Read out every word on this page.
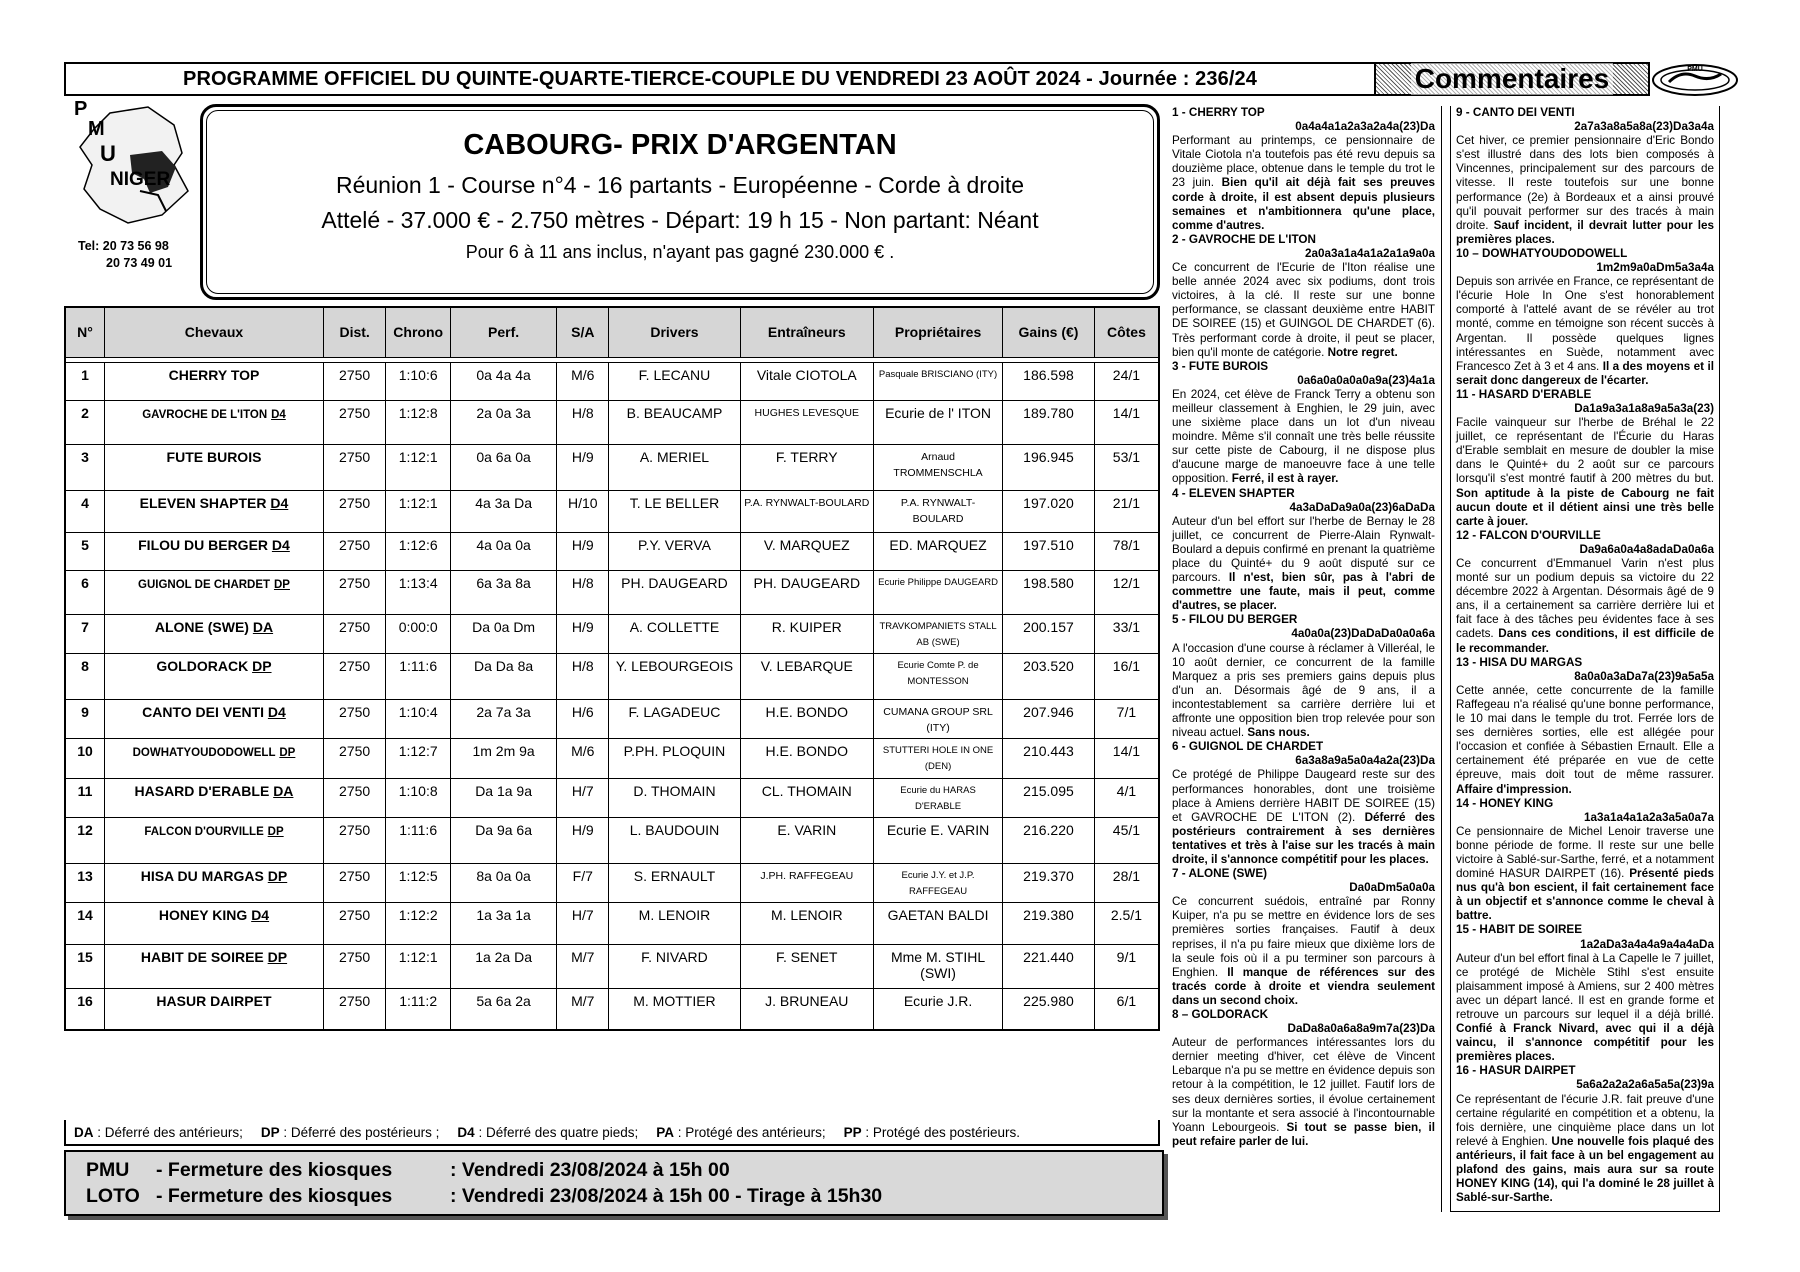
PROGRAMME OFFICIEL DU QUINTE-QUARTE-TIERCE-COUPLE DU VENDREDI 23 AOÛT 2024 - Journée : 236/24	Commentaires	PMU
P
M
U
NIGER
Tel: 20 73 56 98
20 73 49 01
CABOURG- PRIX D'ARGENTAN
Réunion 1 - Course n°4 - 16 partants - Européenne - Corde à droite
Attelé - 37.000 € - 2.750 mètres - Départ: 19 h 15 - Non partant: Néant
Pour 6 à 11 ans inclus, n'ayant pas gagné 230.000 € .
N°	Chevaux	Dist.	Chrono	Perf.	S/A	Drivers	Entraîneurs	Propriétaires	Gains (€)	Côtes

1	CHERRY TOP	2750	1:10:6	0a 4a 4a	M/6	F. LECANU	Vitale CIOTOLA	Pasquale BRISCIANO (ITY)	186.598	24/1
2	GAVROCHE DE L'ITON D4	2750	1:12:8	2a 0a 3a	H/8	B. BEAUCAMP	HUGHES LEVESQUE	Ecurie de l' ITON	189.780	14/1
3	FUTE BUROIS	2750	1:12:1	0a 6a 0a	H/9	A. MERIEL	F. TERRY	Arnaud TROMMENSCHLA	196.945	53/1
4	ELEVEN SHAPTER D4	2750	1:12:1	4a 3a Da	H/10	T. LE BELLER	P.A. RYNWALT-BOULARD	P.A. RYNWALT-BOULARD	197.020	21/1
5	FILOU DU BERGER D4	2750	1:12:6	4a 0a 0a	H/9	P.Y. VERVA	V. MARQUEZ	ED. MARQUEZ	197.510	78/1
6	GUIGNOL DE CHARDET DP	2750	1:13:4	6a 3a 8a	H/8	PH. DAUGEARD	PH. DAUGEARD	Ecurie Philippe DAUGEARD	198.580	12/1
7	ALONE (SWE) DA	2750	0:00:0	Da 0a Dm	H/9	A. COLLETTE	R. KUIPER	TRAVKOMPANIETS STALL AB (SWE)	200.157	33/1
8	GOLDORACK DP	2750	1:11:6	Da Da 8a	H/8	Y. LEBOURGEOIS	V. LEBARQUE	Ecurie Comte P. de MONTESSON	203.520	16/1
9	CANTO DEI VENTI D4	2750	1:10:4	2a 7a 3a	H/6	F. LAGADEUC	H.E. BONDO	CUMANA GROUP SRL (ITY)	207.946	7/1
10	DOWHATYOUDODOWELL DP	2750	1:12:7	1m 2m 9a	M/6	P.PH. PLOQUIN	H.E. BONDO	STUTTERI HOLE IN ONE (DEN)	210.443	14/1
11	HASARD D'ERABLE DA	2750	1:10:8	Da 1a 9a	H/7	D. THOMAIN	CL. THOMAIN	Ecurie du HARAS D'ERABLE	215.095	4/1
12	FALCON D'OURVILLE DP	2750	1:11:6	Da 9a 6a	H/9	L. BAUDOUIN	E. VARIN	Ecurie E. VARIN	216.220	45/1
13	HISA DU MARGAS DP	2750	1:12:5	8a 0a 0a	F/7	S. ERNAULT	J.PH. RAFFEGEAU	Ecurie J.Y. et J.P. RAFFEGEAU	219.370	28/1
14	HONEY KING D4	2750	1:12:2	1a 3a 1a	H/7	M. LENOIR	M. LENOIR	GAETAN BALDI	219.380	2.5/1
15	HABIT DE SOIREE DP	2750	1:12:1	1a 2a Da	M/7	F. NIVARD	F. SENET	Mme M. STIHL (SWI)	221.440	9/1
16	HASUR DAIRPET	2750	1:11:2	5a 6a 2a	M/7	M. MOTTIER	J. BRUNEAU	Ecurie J.R.	225.980	6/1
DA : Déferré des antérieurs; DP : Déferré des postérieurs ; D4 : Déferré des quatre pieds; PA : Protégé des antérieurs; PP : Protégé des postérieurs.
PMU - Fermeture des kiosques	: Vendredi 23/08/2024 à 15h 00
LOTO - Fermeture des kiosques	: Vendredi 23/08/2024 à 15h 00 - Tirage à 15h30
1 - CHERRY TOP
0a4a4a1a2a3a2a4a(23)Da
Performant au printemps, ce pensionnaire de Vitale Ciotola n'a toutefois pas été revu depuis sa douzième place, obtenue dans le temple du trot le 23 juin. Bien qu'il ait déjà fait ses preuves corde à droite, il est absent depuis plusieurs semaines et n'ambitionnera qu'une place, comme d'autres.
2 - GAVROCHE DE L'ITON
2a0a3a1a4a1a2a1a9a0a
Ce concurrent de l'Ecurie de l'Iton réalise une belle année 2024 avec six podiums, dont trois victoires, à la clé. Il reste sur une bonne performance, se classant deuxième entre HABIT DE SOIREE (15) et GUINGOL DE CHARDET (6). Très performant corde à droite, il peut se placer, bien qu'il monte de catégorie. Notre regret.
3 - FUTE BUROIS
0a6a0a0a0a0a9a(23)4a1a
En 2024, cet élève de Franck Terry a obtenu son meilleur classement à Enghien, le 29 juin, avec une sixième place dans un lot d'un niveau moindre. Même s'il connaît une très belle réussite sur cette piste de Cabourg, il ne dispose plus d'aucune marge de manoeuvre face à une telle opposition. Ferré, il est à rayer.
4 - ELEVEN SHAPTER
4a3aDaDa9a0a(23)6aDaDa
Auteur d'un bel effort sur l'herbe de Bernay le 28 juillet, ce concurrent de Pierre-Alain Rynwalt-Boulard a depuis confirmé en prenant la quatrième place du Quinté+ du 9 août disputé sur ce parcours. Il n'est, bien sûr, pas à l'abri de commettre une faute, mais il peut, comme d'autres, se placer.
5 - FILOU DU BERGER
4a0a0a(23)DaDaDa0a0a6a
A l'occasion d'une course à réclamer à Villeréal, le 10 août dernier, ce concurrent de la famille Marquez a pris ses premiers gains depuis plus d'un an. Désormais âgé de 9 ans, il a incontestablement sa carrière derrière lui et affronte une opposition bien trop relevée pour son niveau actuel. Sans nous.
6 - GUIGNOL DE CHARDET
6a3a8a9a5a0a4a2a(23)Da
Ce protégé de Philippe Daugeard reste sur des performances honorables, dont une troisième place à Amiens derrière HABIT DE SOIREE (15) et GAVROCHE DE L'ITON (2). Déferré des postérieurs contrairement à ses dernières tentatives et très à l'aise sur les tracés à main droite, il s'annonce compétitif pour les places.
7 - ALONE (SWE)
Da0aDm5a0a0a
Ce concurrent suédois, entraîné par Ronny Kuiper, n'a pu se mettre en évidence lors de ses premières sorties françaises. Fautif à deux reprises, il n'a pu faire mieux que dixième lors de la seule fois où il a pu terminer son parcours à Enghien. Il manque de références sur des tracés corde à droite et viendra seulement dans un second choix.
8 – GOLDORACK
DaDa8a0a6a8a9m7a(23)Da
Auteur de performances intéressantes lors du dernier meeting d'hiver, cet élève de Vincent Lebarque n'a pu se mettre en évidence depuis son retour à la compétition, le 12 juillet. Fautif lors de ses deux dernières sorties, il évolue certainement sur la montante et sera associé à l'incontournable Yoann Lebourgeois. Si tout se passe bien, il peut refaire parler de lui.
9 - CANTO DEI VENTI
2a7a3a8a5a8a(23)Da3a4a
Cet hiver, ce premier pensionnaire d'Eric Bondo s'est illustré dans des lots bien composés à Vincennes, principalement sur des parcours de vitesse. Il reste toutefois sur une bonne performance (2e) à Bordeaux et a ainsi prouvé qu'il pouvait performer sur des tracés à main droite. Sauf incident, il devrait lutter pour les premières places.
10 – DOWHATYOUDODOWELL
1m2m9a0aDm5a3a4a
Depuis son arrivée en France, ce représentant de l'écurie Hole In One s'est honorablement comporté à l'attelé avant de se révéler au trot monté, comme en témoigne son récent succès à Argentan. Il possède quelques lignes intéressantes en Suède, notamment avec Francesco Zet à 3 et 4 ans. Il a des moyens et il serait donc dangereux de l'écarter.
11 - HASARD D'ERABLE
Da1a9a3a1a8a9a5a3a(23)
Facile vainqueur sur l'herbe de Bréhal le 22 juillet, ce représentant de l'Écurie du Haras d'Erable semblait en mesure de doubler la mise dans le Quinté+ du 2 août sur ce parcours lorsqu'il s'est montré fautif à 200 mètres du but. Son aptitude à la piste de Cabourg ne fait aucun doute et il détient ainsi une très belle carte à jouer.
12 - FALCON D'OURVILLE
Da9a6a0a4a8adaDa0a6a
Ce concurrent d'Emmanuel Varin n'est plus monté sur un podium depuis sa victoire du 22 décembre 2022 à Argentan. Désormais âgé de 9 ans, il a certainement sa carrière derrière lui et fait face à des tâches peu évidentes face à ses cadets. Dans ces conditions, il est difficile de le recommander.
13 - HISA DU MARGAS
8a0a0a3aDa7a(23)9a5a5a
Cette année, cette concurrente de la famille Raffegeau n'a réalisé qu'une bonne performance, le 10 mai dans le temple du trot. Ferrée lors de ses dernières sorties, elle est allégée pour l'occasion et confiée à Sébastien Ernault. Elle a certainement été préparée en vue de cette épreuve, mais doit tout de même rassurer. Affaire d'impression.
14 - HONEY KING
1a3a1a4a1a2a3a5a0a7a
Ce pensionnaire de Michel Lenoir traverse une bonne période de forme. Il reste sur une belle victoire à Sablé-sur-Sarthe, ferré, et a notamment dominé HASUR DAIRPET (16). Présenté pieds nus qu'à bon escient, il fait certainement face à un objectif et s'annonce comme le cheval à battre.
15 - HABIT DE SOIREE
1a2aDa3a4a4a9a4a4aDa
Auteur d'un bel effort final à La Capelle le 7 juillet, ce protégé de Michèle Stihl s'est ensuite plaisamment imposé à Amiens, sur 2 400 mètres avec un départ lancé. Il est en grande forme et retrouve un parcours sur lequel il a déjà brillé. Confié à Franck Nivard, avec qui il a déjà vaincu, il s'annonce compétitif pour les premières places.
16 - HASUR DAIRPET
5a6a2a2a2a6a5a5a(23)9a
Ce représentant de l'écurie J.R. fait preuve d'une certaine régularité en compétition et a obtenu, la fois dernière, une cinquième place dans un lot relevé à Enghien. Une nouvelle fois plaqué des antérieurs, il fait face à un bel engagement au plafond des gains, mais aura sur sa route HONEY KING (14), qui l'a dominé le 28 juillet à Sablé-sur-Sarthe.
